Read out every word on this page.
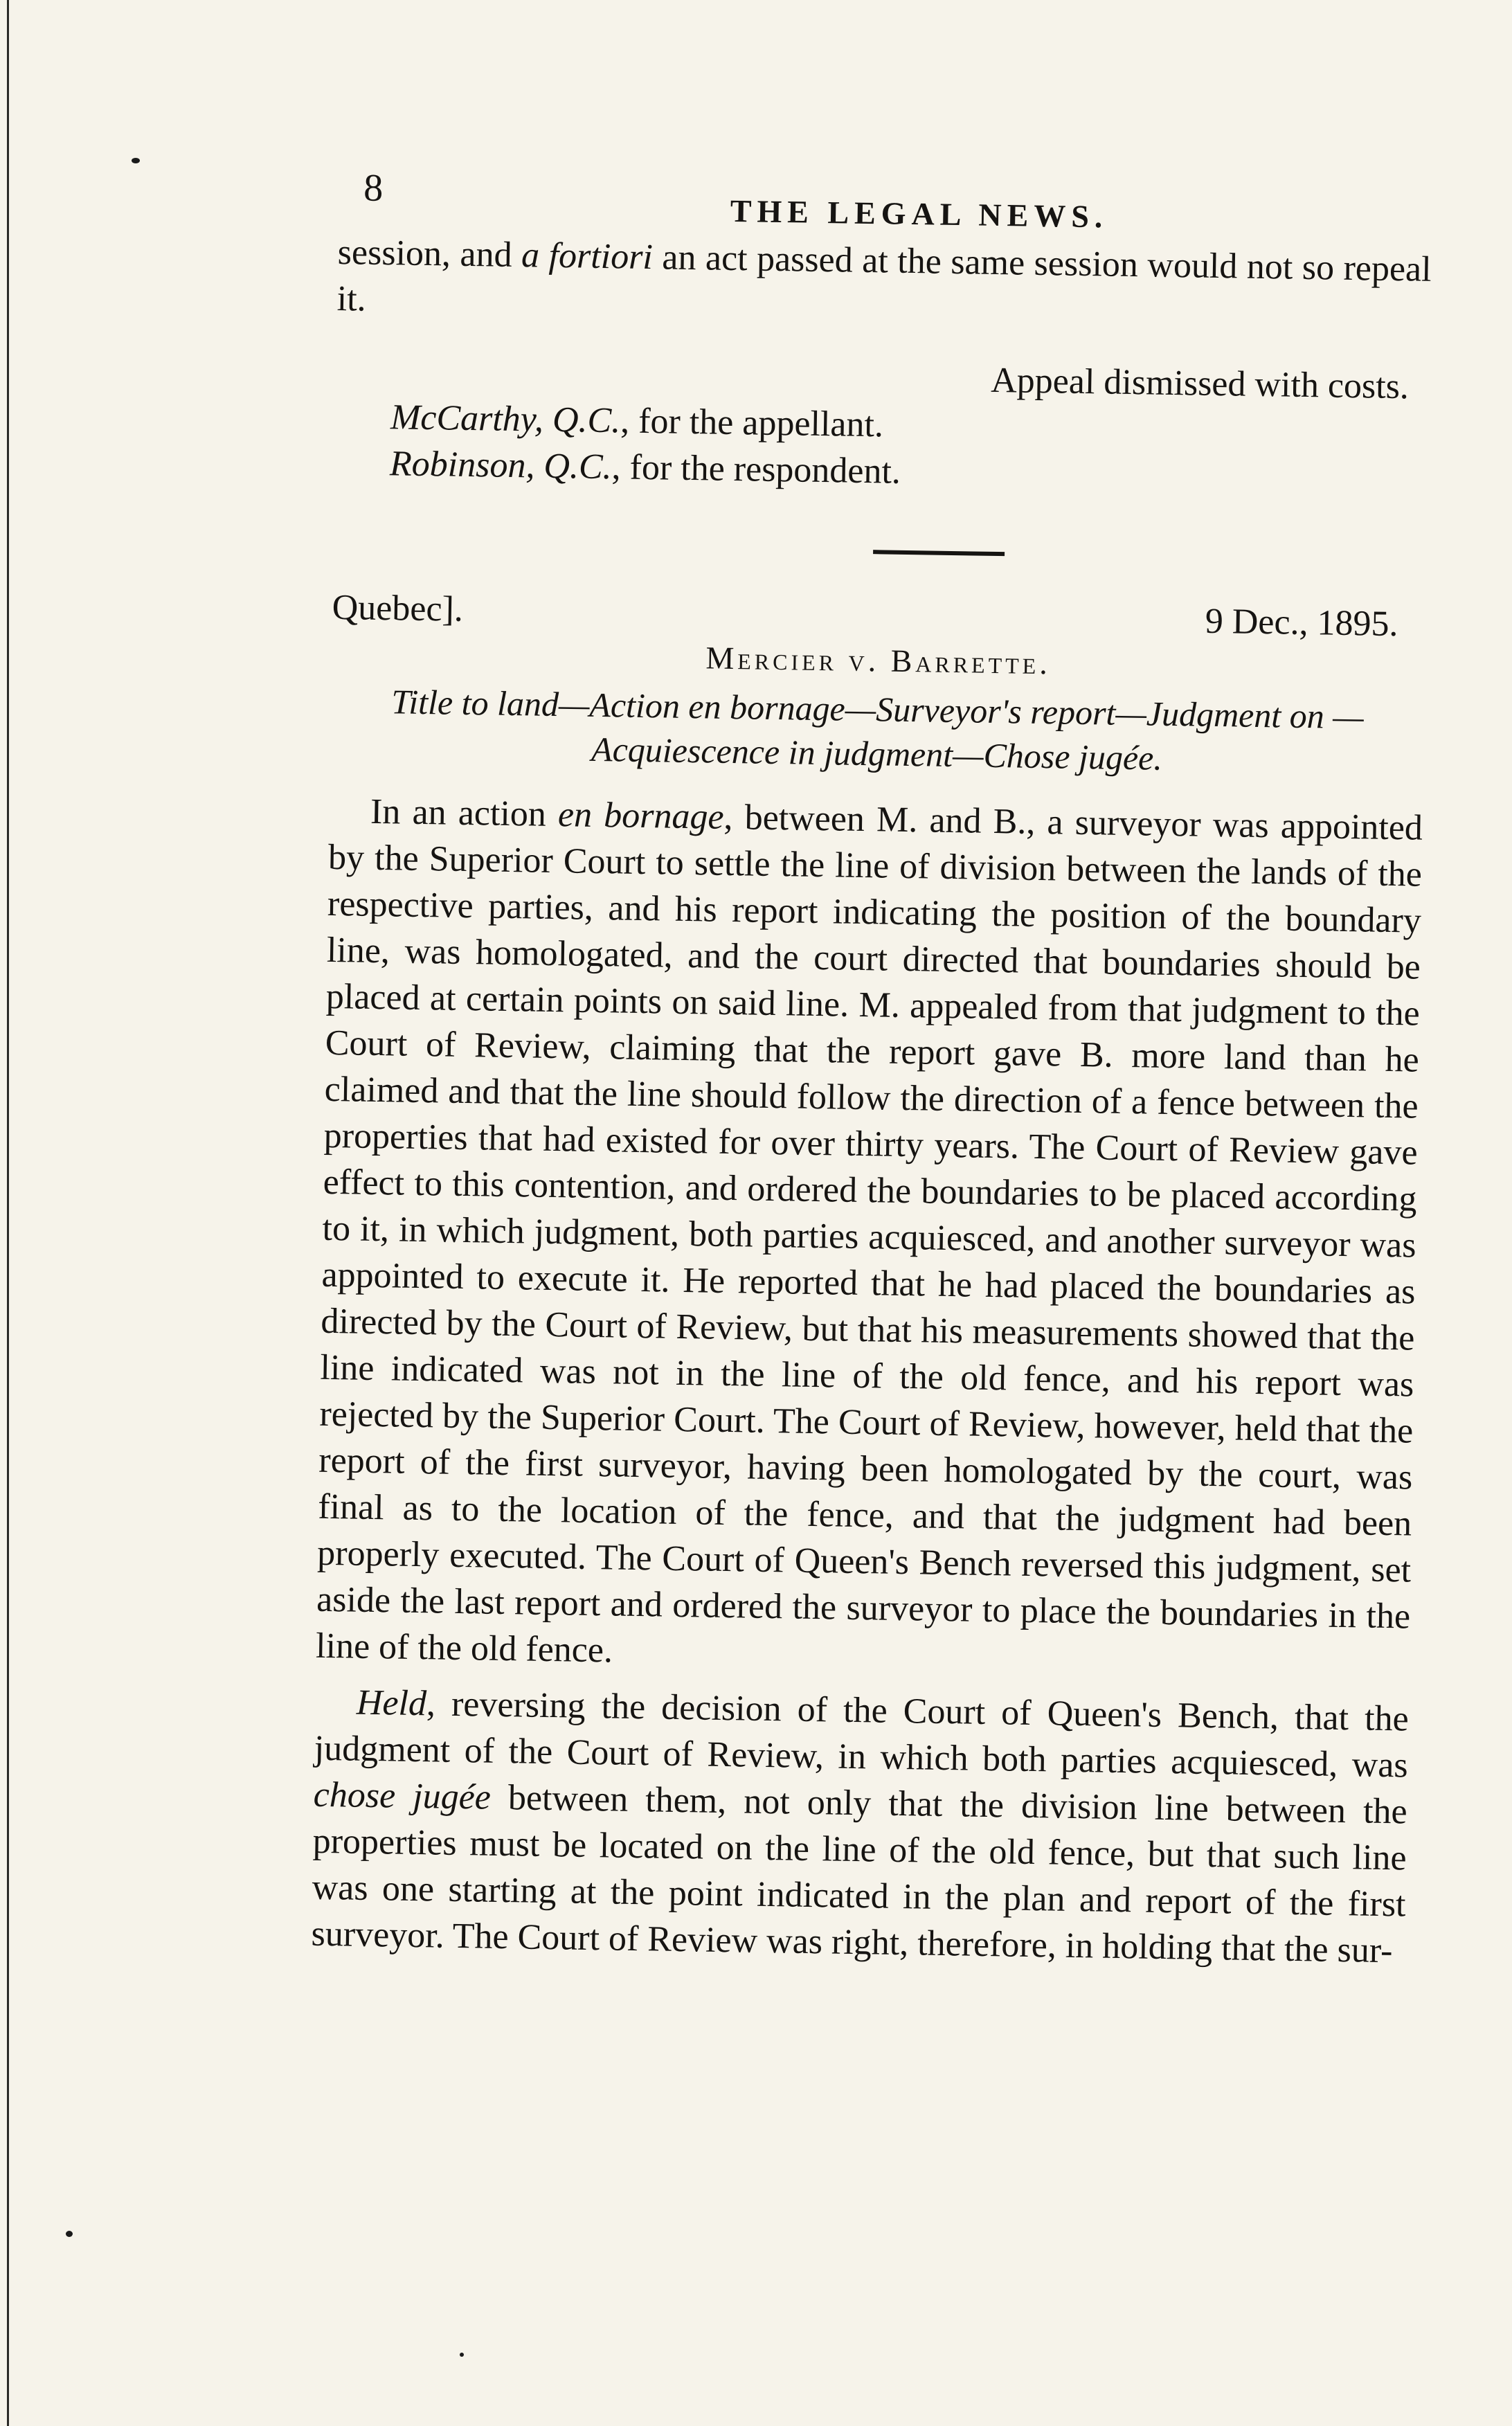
8
THE LEGAL NEWS.

session, and a fortiori an act passed at the same session would not so repeal it.

Appeal dismissed with costs.

McCarthy, Q.C., for the appellant.

Robinson, Q.C., for the respondent.

Quebec].	9 Dec., 1895.
Mercier v. Barrette.

Title to land—Action en bornage—Surveyor's report—Judgment on —Acquiescence in judgment—Chose jugée.

In an action en bornage, between M. and B., a surveyor was appointed by the Superior Court to settle the line of division between the lands of the respective parties, and his report indicating the position of the boundary line, was homologated, and the court directed that boundaries should be placed at certain points on said line. M. appealed from that judgment to the Court of Review, claiming that the report gave B. more land than he claimed and that the line should follow the direction of a fence between the properties that had existed for over thirty years. The Court of Review gave effect to this contention, and ordered the boundaries to be placed according to it, in which judgment, both parties acquiesced, and another surveyor was appointed to execute it. He reported that he had placed the boundaries as directed by the Court of Review, but that his measurements showed that the line indicated was not in the line of the old fence, and his report was rejected by the Superior Court. The Court of Review, however, held that the report of the first surveyor, having been homologated by the court, was final as to the location of the fence, and that the judgment had been properly executed. The Court of Queen's Bench reversed this judgment, set aside the last report and ordered the surveyor to place the boundaries in the line of the old fence.

Held, reversing the decision of the Court of Queen's Bench, that the judgment of the Court of Review, in which both parties acquiesced, was chose jugée between them, not only that the division line between the properties must be located on the line of the old fence, but that such line was one starting at the point indicated in the plan and report of the first surveyor. The Court of Review was right, therefore, in holding that the sur-
